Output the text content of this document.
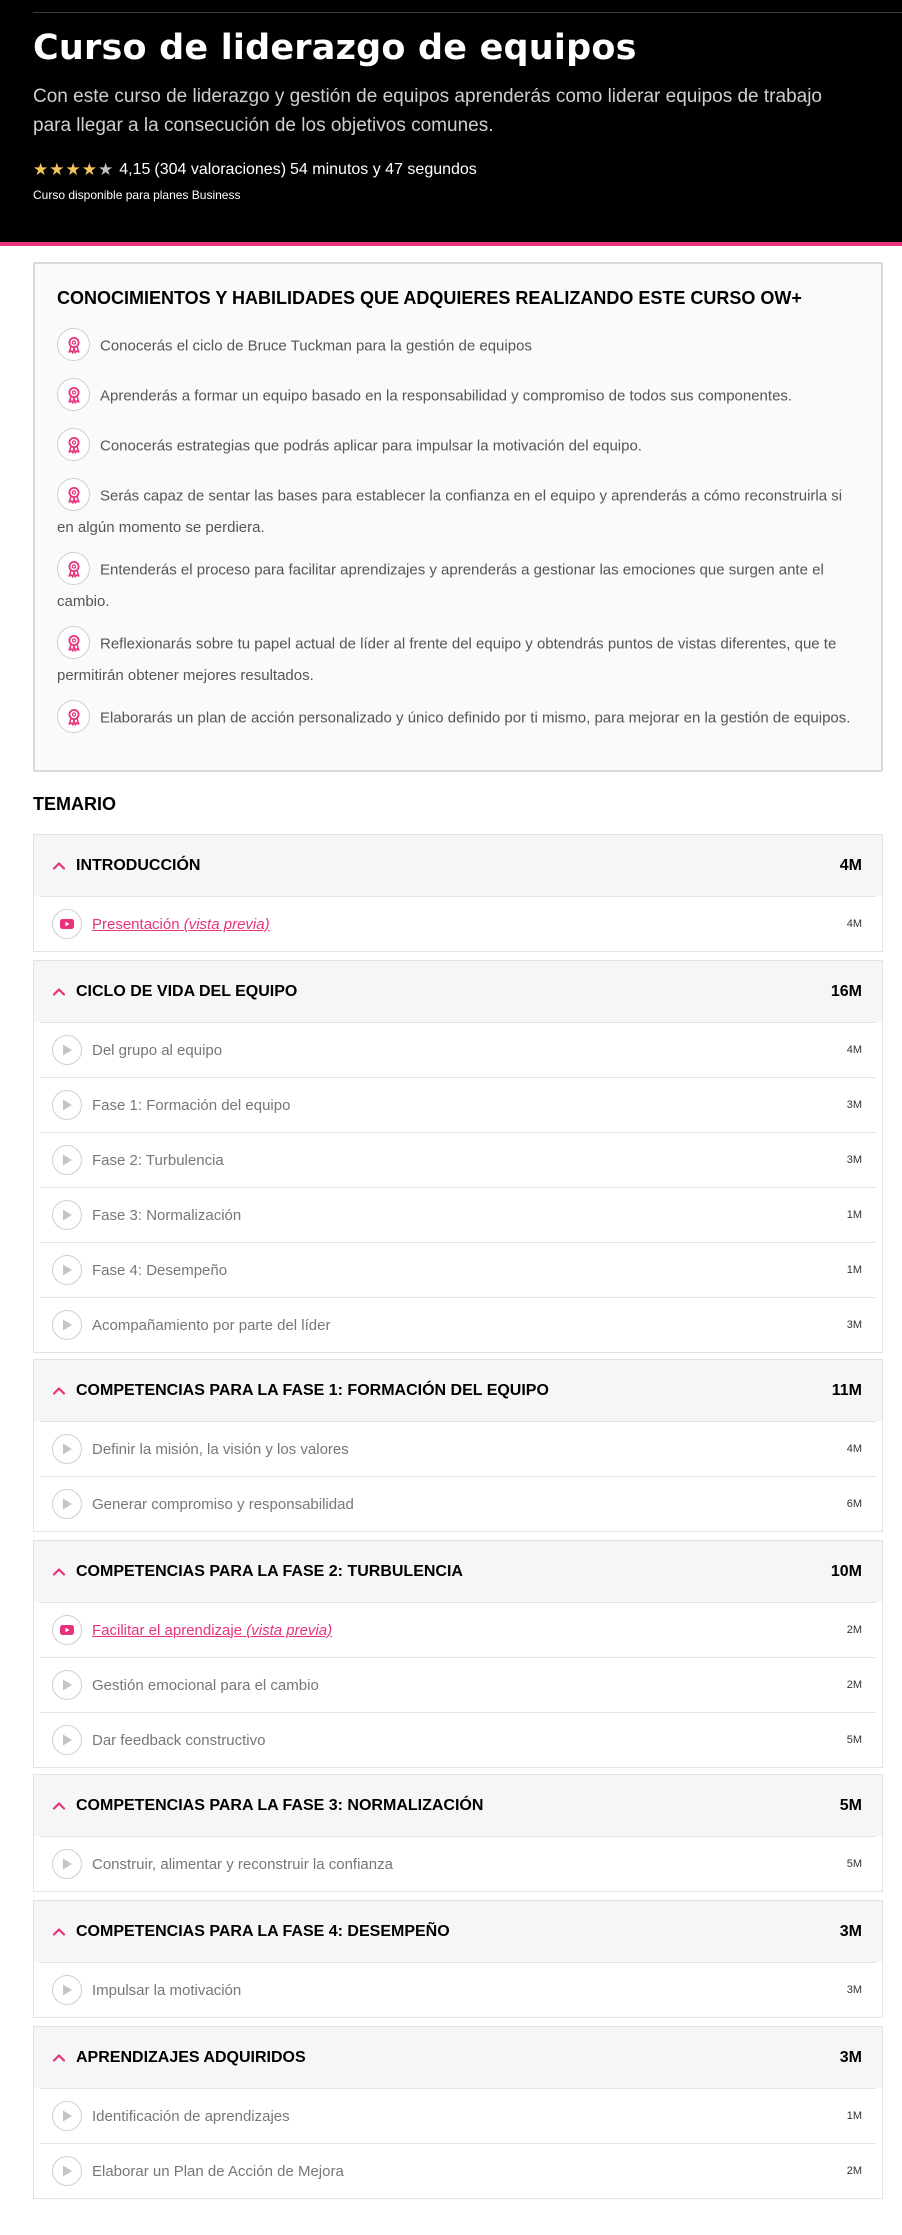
Curso de liderazgo de equipos

Con este curso de liderazgo y gestión de equipos aprenderás como liderar equipos de trabajo para llegar a la consecución de los objetivos comunes.

★ ★ ★ ★ ★ 4,15 (304 valoraciones) 54 minutos y 47 segundos
Curso disponible para planes Business
CONOCIMIENTOS Y HABILIDADES QUE ADQUIERES REALIZANDO ESTE CURSO OW+
Conocerás el ciclo de Bruce Tuckman para la gestión de equipos
Aprenderás a formar un equipo basado en la responsabilidad y compromiso de todos sus componentes.
Conocerás estrategias que podrás aplicar para impulsar la motivación del equipo.
Serás capaz de sentar las bases para establecer la confianza en el equipo y aprenderás a cómo reconstruirla si en algún momento se perdiera.
Entenderás el proceso para facilitar aprendizajes y aprenderás a gestionar las emociones que surgen ante el cambio.
Reflexionarás sobre tu papel actual de líder al frente del equipo y obtendrás puntos de vistas diferentes, que te permitirán obtener mejores resultados.
Elaborarás un plan de acción personalizado y único definido por ti mismo, para mejorar en la gestión de equipos.
TEMARIO
INTRODUCCIÓN	4M
Presentación (vista previa)	4M
CICLO DE VIDA DEL EQUIPO	16M
Del grupo al equipo	4M
Fase 1: Formación del equipo	3M
Fase 2: Turbulencia	3M
Fase 3: Normalización	1M
Fase 4: Desempeño	1M
Acompañamiento por parte del líder	3M
COMPETENCIAS PARA LA FASE 1: FORMACIÓN DEL EQUIPO	11M
Definir la misión, la visión y los valores	4M
Generar compromiso y responsabilidad	6M
COMPETENCIAS PARA LA FASE 2: TURBULENCIA	10M
Facilitar el aprendizaje (vista previa)	2M
Gestión emocional para el cambio	2M
Dar feedback constructivo	5M
COMPETENCIAS PARA LA FASE 3: NORMALIZACIÓN	5M
Construir, alimentar y reconstruir la confianza	5M
COMPETENCIAS PARA LA FASE 4: DESEMPEÑO	3M
Impulsar la motivación	3M
APRENDIZAJES ADQUIRIDOS	3M
Identificación de aprendizajes	1M
Elaborar un Plan de Acción de Mejora	2M
